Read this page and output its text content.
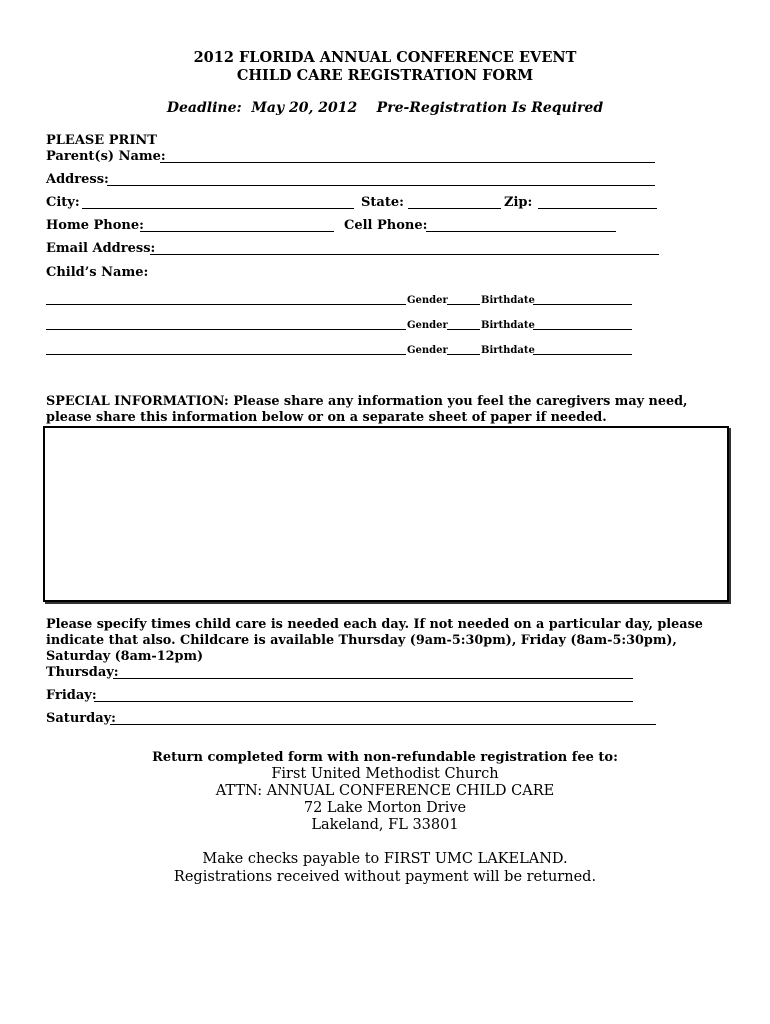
2012 FLORIDA ANNUAL CONFERENCE EVENT
CHILD CARE REGISTRATION FORM
Deadline:  May 20, 2012    Pre-Registration Is Required
PLEASE PRINT
Parent(s) Name:
Address:
City:	State:	Zip:
Home Phone:	Cell Phone:
Email Address:
Child’s Name:
Gender	Birthdate
Gender	Birthdate
Gender	Birthdate
SPECIAL INFORMATION: Please share any information you feel the caregivers may need, please share this information below or on a separate sheet of paper if needed.
Please specify times child care is needed each day. If not needed on a particular day, please indicate that also. Childcare is available Thursday (9am-5:30pm), Friday (8am-5:30pm), Saturday (8am-12pm)
Thursday:
Friday:
Saturday:
Return completed form with non-refundable registration fee to:
First United Methodist Church
ATTN: ANNUAL CONFERENCE CHILD CARE
72 Lake Morton Drive
Lakeland, FL 33801
Make checks payable to FIRST UMC LAKELAND.
Registrations received without payment will be returned.
